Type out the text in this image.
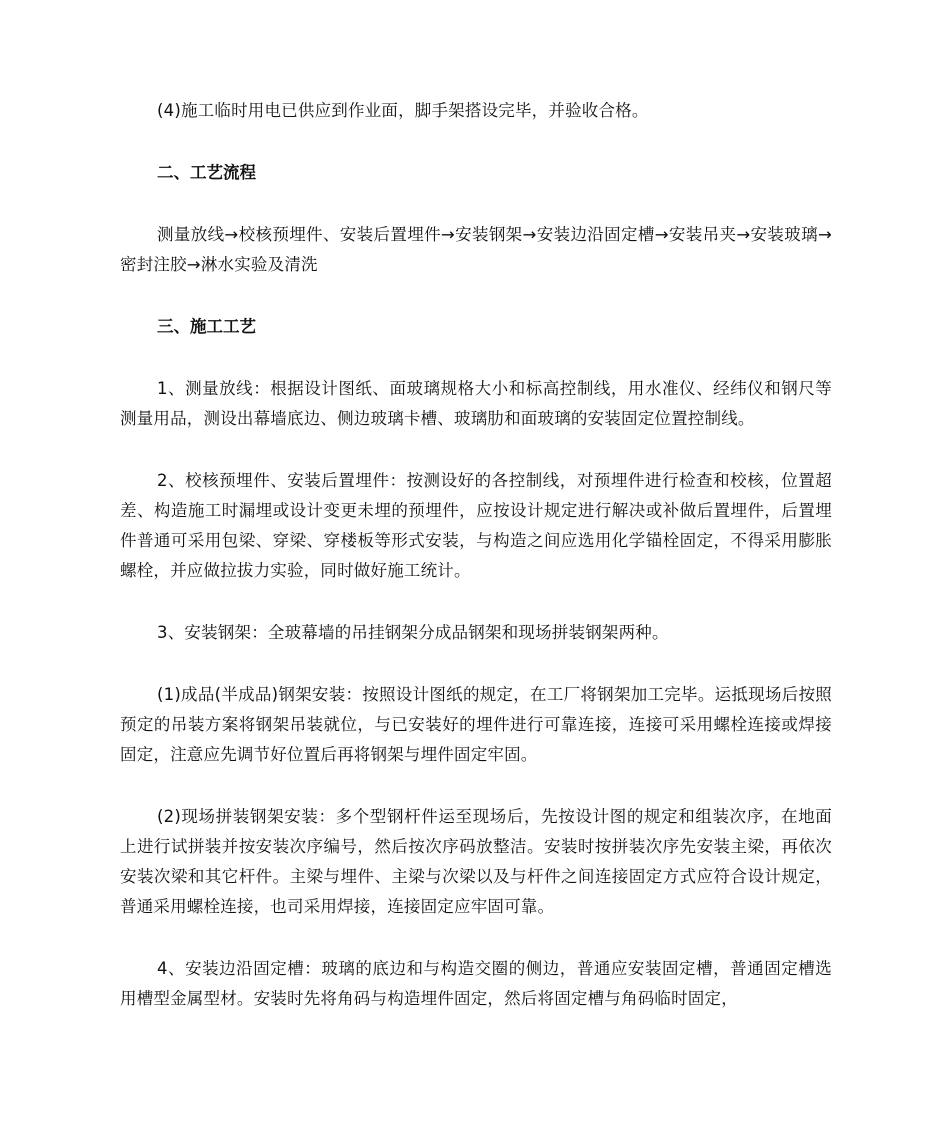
(4)施工临时用电已供应到作业面，脚手架搭设完毕，并验收合格。

二、工艺流程

测量放线→校核预埋件、安装后置埋件→安装钢架→安装边沿固定槽→安装吊夹→安装玻璃→密封注胶→淋水实验及清洗

三、施工工艺

1、测量放线：根据设计图纸、面玻璃规格大小和标高控制线，用水准仪、经纬仪和钢尺等测量用品，测设出幕墙底边、侧边玻璃卡槽、玻璃肋和面玻璃的安装固定位置控制线。

2、校核预埋件、安装后置埋件：按测设好的各控制线，对预埋件进行检查和校核，位置超差、构造施工时漏埋或设计变更未埋的预埋件，应按设计规定进行解决或补做后置埋件，后置埋件普通可采用包梁、穿梁、穿楼板等形式安装，与构造之间应选用化学锚栓固定，不得采用膨胀螺栓，并应做拉拔力实验，同时做好施工统计。

3、安装钢架：全玻幕墙的吊挂钢架分成品钢架和现场拼装钢架两种。

(1)成品(半成品)钢架安装：按照设计图纸的规定，在工厂将钢架加工完毕。运抵现场后按照预定的吊装方案将钢架吊装就位，与已安装好的埋件进行可靠连接，连接可采用螺栓连接或焊接固定，注意应先调节好位置后再将钢架与埋件固定牢固。

(2)现场拼装钢架安装：多个型钢杆件运至现场后，先按设计图的规定和组装次序，在地面上进行试拼装并按安装次序编号，然后按次序码放整洁。安装时按拼装次序先安装主梁，再依次安装次梁和其它杆件。主梁与埋件、主梁与次梁以及与杆件之间连接固定方式应符合设计规定，普通采用螺栓连接，也司采用焊接，连接固定应牢固可靠。

4、安装边沿固定槽：玻璃的底边和与构造交圈的侧边，普通应安装固定槽，普通固定槽选用槽型金属型材。安装时先将角码与构造埋件固定，然后将固定槽与角码临时固定，
